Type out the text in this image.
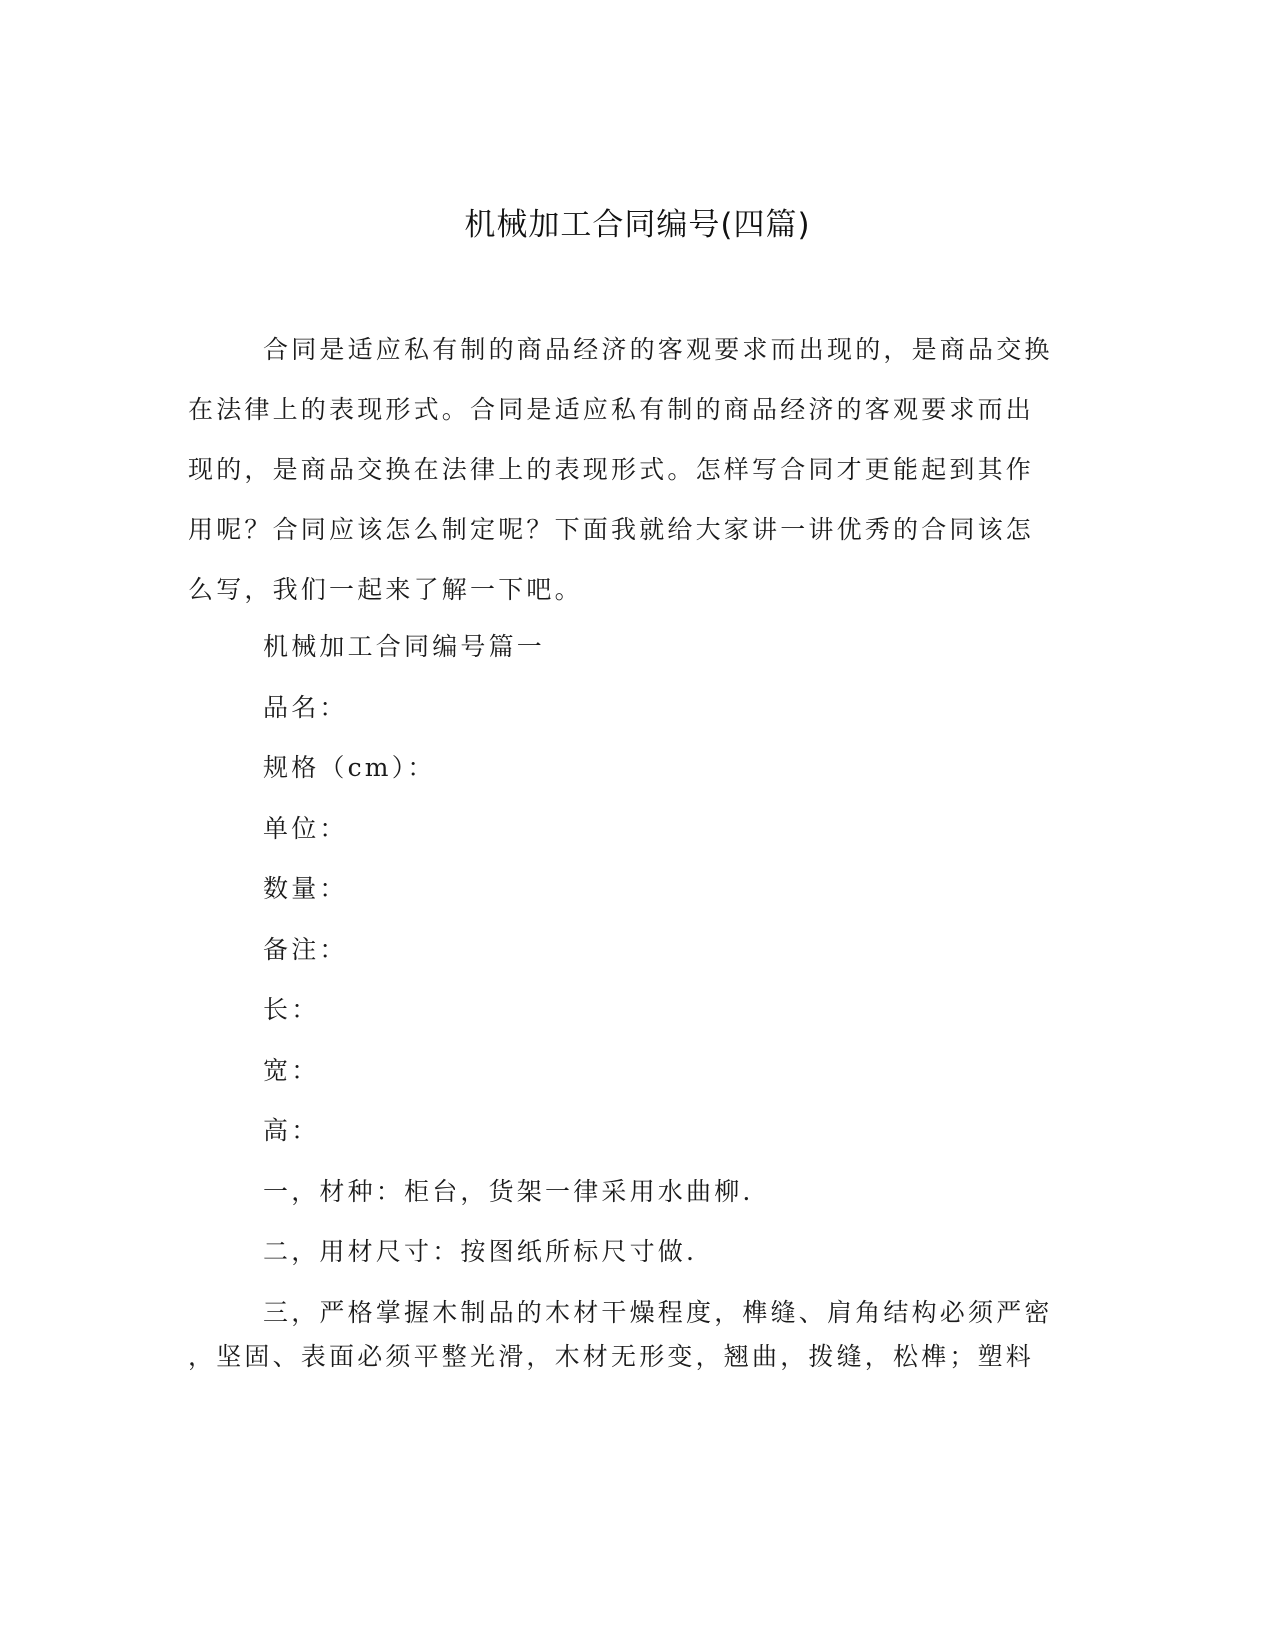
机械加工合同编号(四篇)

合同是适应私有制的商品经济的客观要求而出现的，是商品交换

在法律上的表现形式。合同是适应私有制的商品经济的客观要求而出

现的，是商品交换在法律上的表现形式。怎样写合同才更能起到其作

用呢？合同应该怎么制定呢？下面我就给大家讲一讲优秀的合同该怎

么写，我们一起来了解一下吧。

机械加工合同编号篇一

品名：

规格（cm）：

单位：

数量：

备注：

长：

宽：

高：

一，材种：柜台，货架一律采用水曲柳.

二，用材尺寸：按图纸所标尺寸做.

三，严格掌握木制品的木材干燥程度，榫缝、肩角结构必须严密

，坚固、表面必须平整光滑，木材无形变，翘曲，拨缝，松榫；塑料
